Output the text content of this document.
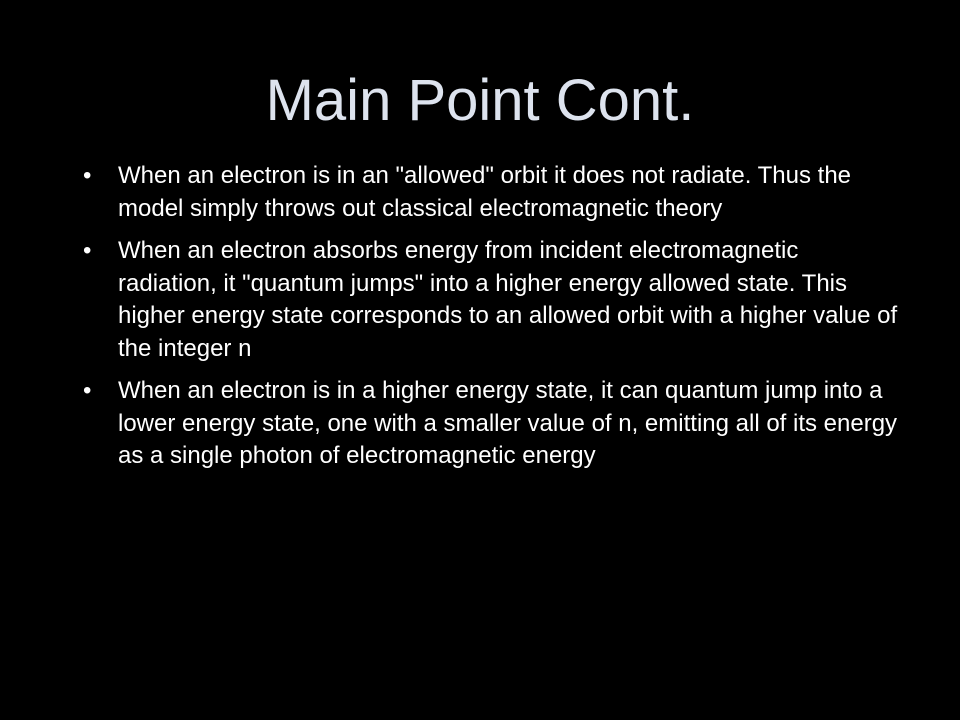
Main Point Cont.
• When an electron is in an "allowed" orbit it does not radiate. Thus the model simply throws out classical electromagnetic theory
• When an electron absorbs energy from incident electromagnetic radiation, it "quantum jumps" into a higher energy allowed state. This higher energy state corresponds to an allowed orbit with a higher value of the integer n
• When an electron is in a higher energy state, it can quantum jump into a lower energy state, one with a smaller value of n, emitting all of its energy as a single photon of electromagnetic energy
